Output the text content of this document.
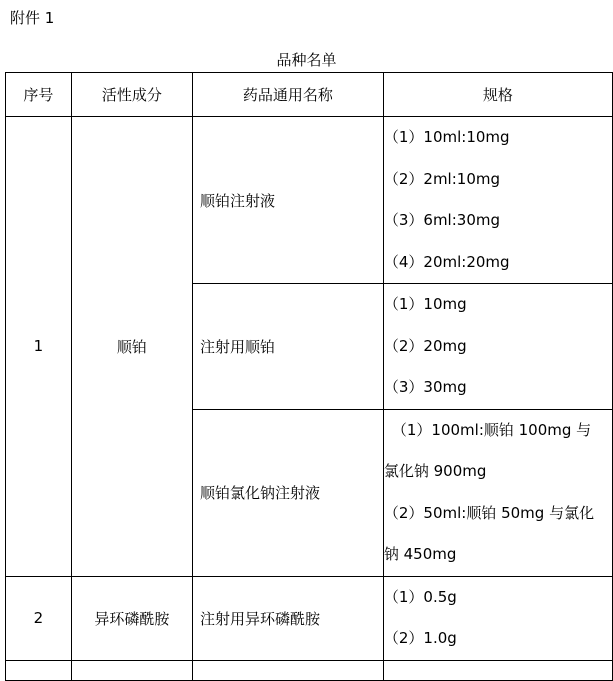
附件 1
品种名单
序号	活性成分	药品通用名称	规格
1	顺铂	顺铂注射液	（1）10ml:10mg
（2）2ml:10mg
（3）6ml:30mg
（4）20ml:20mg

		注射用顺铂	（1）10mg
（2）20mg
（3）30mg

		顺铂氯化钠注射液	（1）100ml:顺铂 100mg 与
氯化钠 900mg
（2）50ml:顺铂 50mg 与氯化
钠 450mg

2	异环磷酰胺	注射用异环磷酰胺	（1）0.5g
（2）1.0g
